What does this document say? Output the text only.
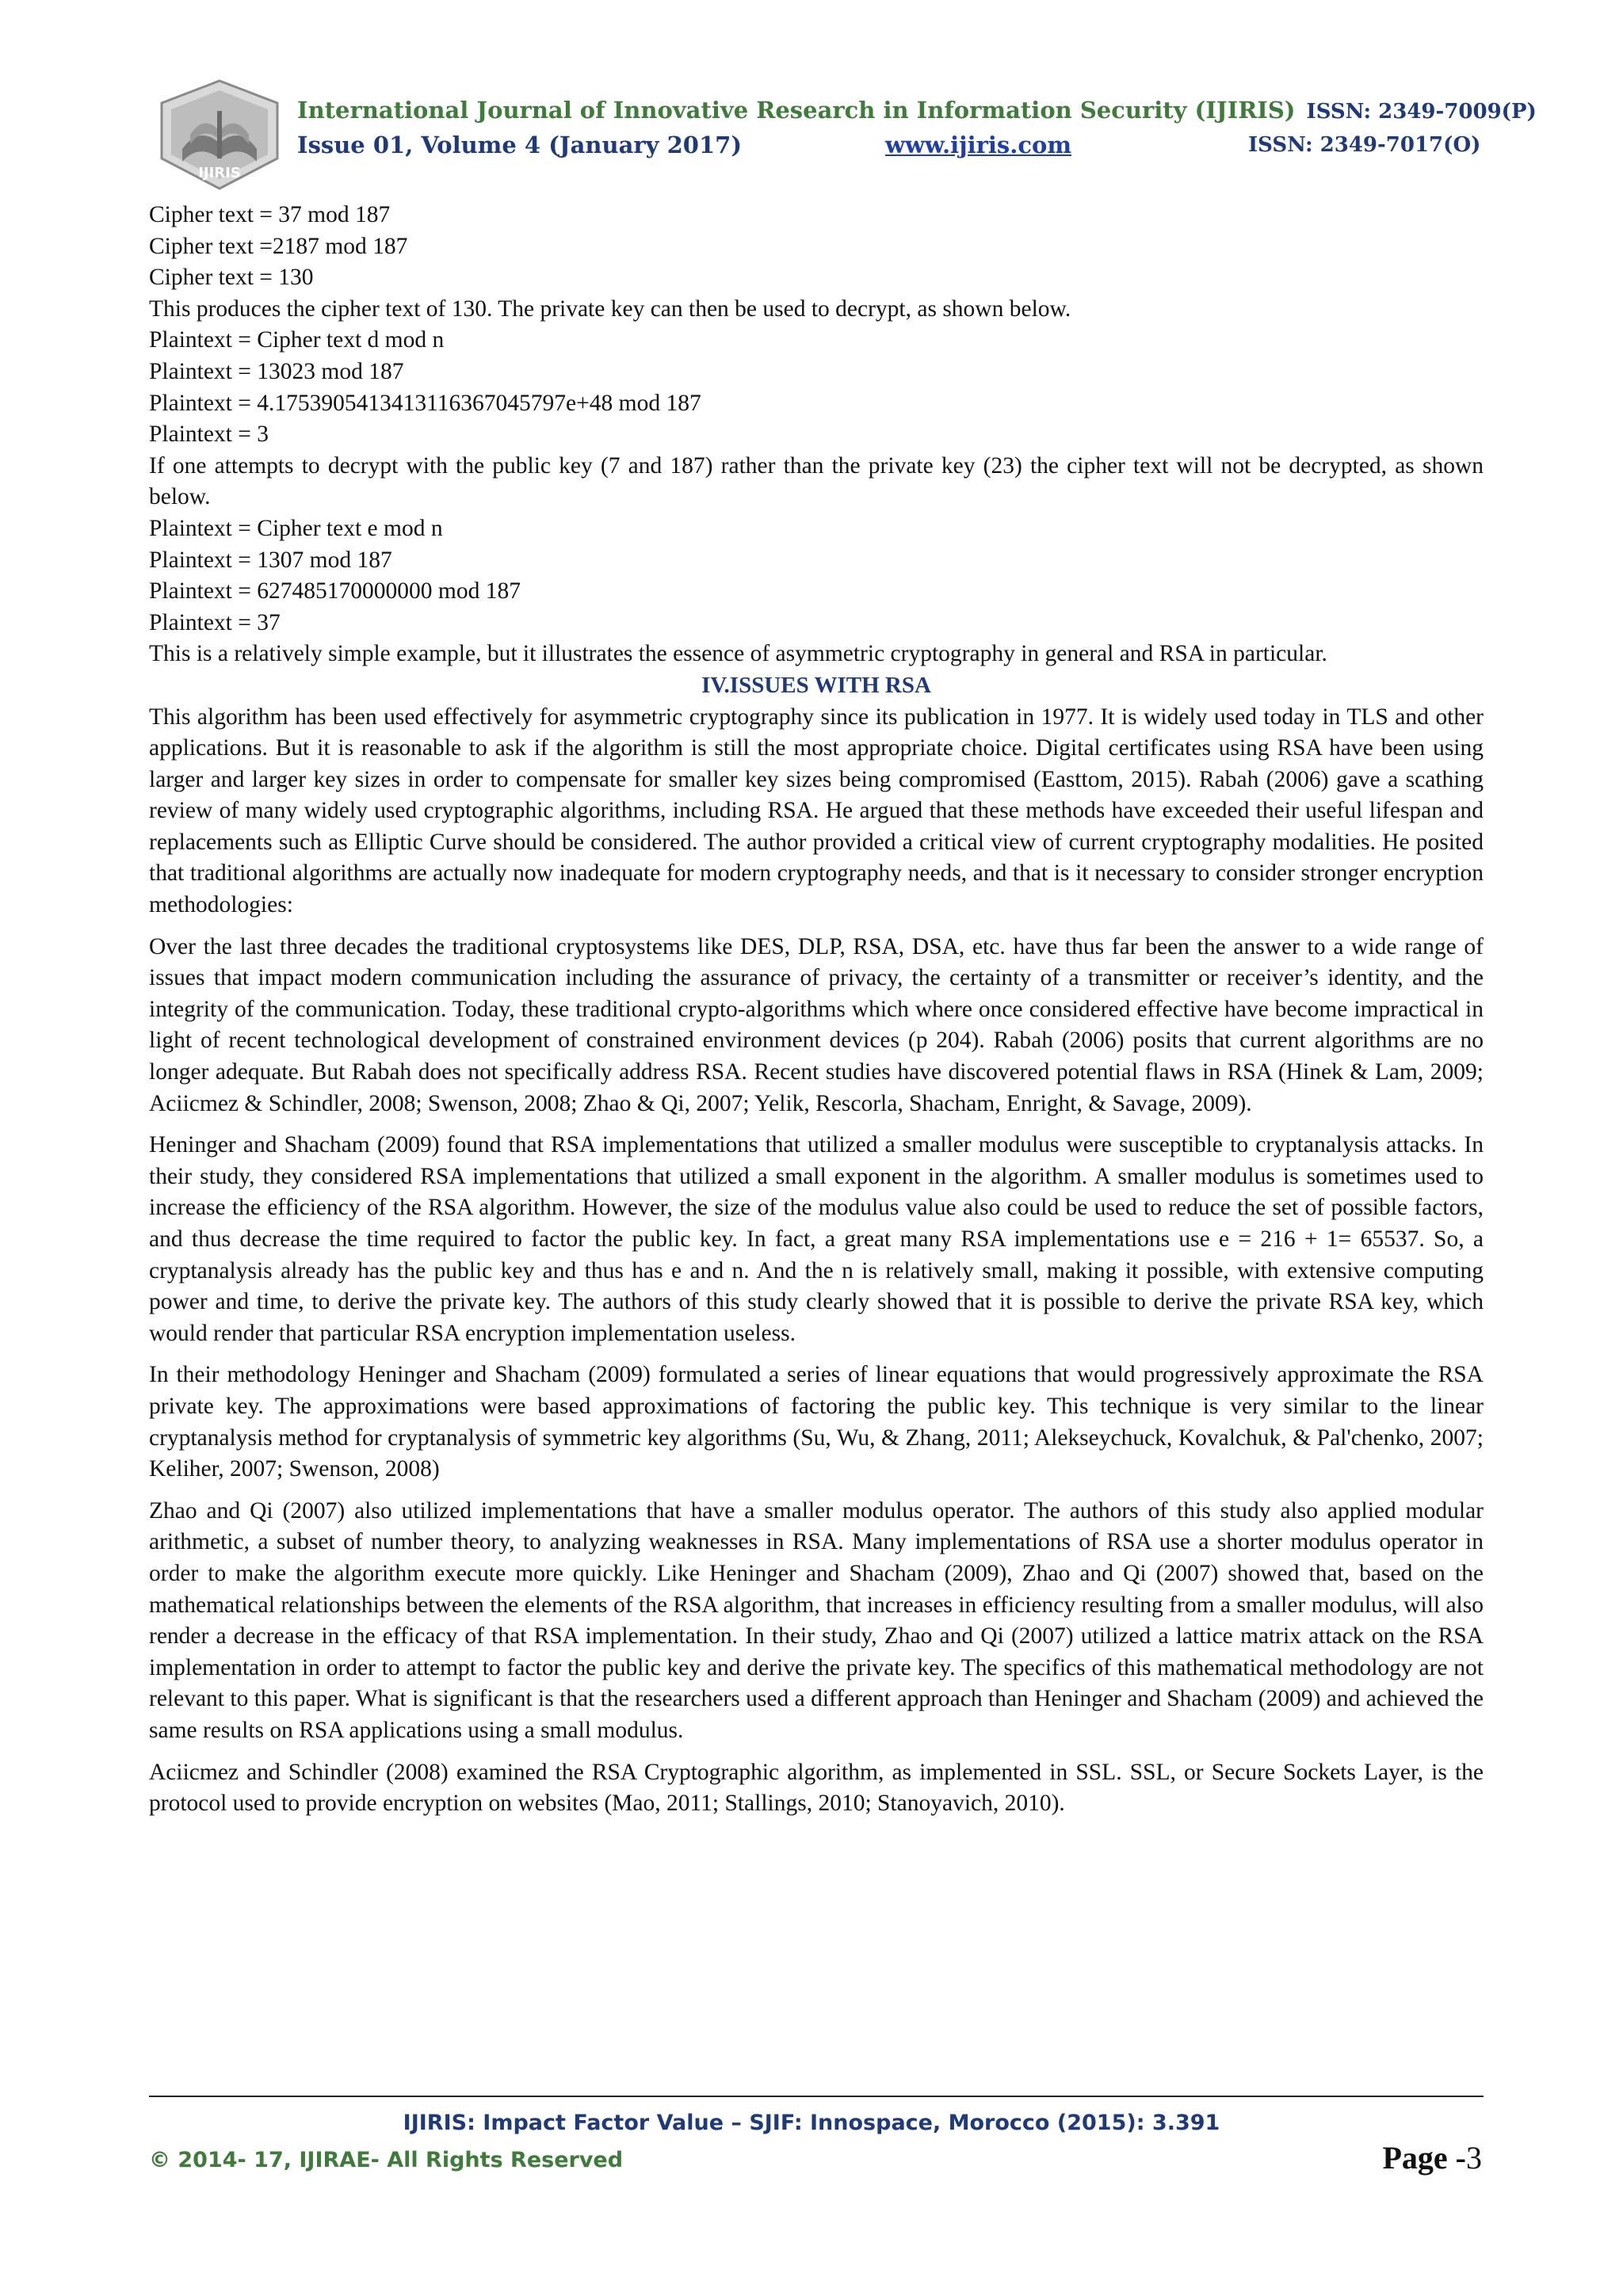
IJIRIS
International Journal of Innovative Research in Information Security (IJIRIS) ISSN: 2349-7009(P)
Issue 01, Volume 4 (January 2017)	www.ijiris.com	ISSN: 2349-7017(O)
Cipher text = 37 mod 187
Cipher text =2187 mod 187
Cipher text = 130

This produces the cipher text of 130. The private key can then be used to decrypt, as shown below.

Plaintext = Cipher text d mod n
Plaintext = 13023 mod 187
Plaintext = 4.1753905413413116367045797e+48 mod 187
Plaintext = 3

If one attempts to decrypt with the public key (7 and 187) rather than the private key (23) the cipher text will not be decrypted, as shown below.

Plaintext = Cipher text e mod n
Plaintext = 1307 mod 187
Plaintext = 627485170000000 mod 187
Plaintext = 37

This is a relatively simple example, but it illustrates the essence of asymmetric cryptography in general and RSA in particular.

IV.ISSUES WITH RSA

This algorithm has been used effectively for asymmetric cryptography since its publication in 1977. It is widely used today in TLS and other applications. But it is reasonable to ask if the algorithm is still the most appropriate choice. Digital certificates using RSA have been using larger and larger key sizes in order to compensate for smaller key sizes being compromised (Easttom, 2015). Rabah (2006) gave a scathing review of many widely used cryptographic algorithms, including RSA. He argued that these methods have exceeded their useful lifespan and replacements such as Elliptic Curve should be considered. The author provided a critical view of current cryptography modalities. He posited that traditional algorithms are actually now inadequate for modern cryptography needs, and that is it necessary to consider stronger encryption methodologies:

Over the last three decades the traditional cryptosystems like DES, DLP, RSA, DSA, etc. have thus far been the answer to a wide range of issues that impact modern communication including the assurance of privacy, the certainty of a transmitter or receiver’s identity, and the integrity of the communication. Today, these traditional crypto-algorithms which where once considered effective have become impractical in light of recent technological development of constrained environment devices (p 204). Rabah (2006) posits that current algorithms are no longer adequate. But Rabah does not specifically address RSA. Recent studies have discovered potential flaws in RSA (Hinek & Lam, 2009; Aciicmez & Schindler, 2008; Swenson, 2008; Zhao & Qi, 2007; Yelik, Rescorla, Shacham, Enright, & Savage, 2009).

Heninger and Shacham (2009) found that RSA implementations that utilized a smaller modulus were susceptible to cryptanalysis attacks. In their study, they considered RSA implementations that utilized a small exponent in the algorithm. A smaller modulus is sometimes used to increase the efficiency of the RSA algorithm. However, the size of the modulus value also could be used to reduce the set of possible factors, and thus decrease the time required to factor the public key. In fact, a great many RSA implementations use e = 216 + 1= 65537. So, a cryptanalysis already has the public key and thus has e and n. And the n is relatively small, making it possible, with extensive computing power and time, to derive the private key. The authors of this study clearly showed that it is possible to derive the private RSA key, which would render that particular RSA encryption implementation useless.

In their methodology Heninger and Shacham (2009) formulated a series of linear equations that would progressively approximate the RSA private key. The approximations were based approximations of factoring the public key. This technique is very similar to the linear cryptanalysis method for cryptanalysis of symmetric key algorithms (Su, Wu, & Zhang, 2011; Alekseychuck, Kovalchuk, & Pal'chenko, 2007; Keliher, 2007; Swenson, 2008)

Zhao and Qi (2007) also utilized implementations that have a smaller modulus operator. The authors of this study also applied modular arithmetic, a subset of number theory, to analyzing weaknesses in RSA. Many implementations of RSA use a shorter modulus operator in order to make the algorithm execute more quickly. Like Heninger and Shacham (2009), Zhao and Qi (2007) showed that, based on the mathematical relationships between the elements of the RSA algorithm, that increases in efficiency resulting from a smaller modulus, will also render a decrease in the efficacy of that RSA implementation. In their study, Zhao and Qi (2007) utilized a lattice matrix attack on the RSA implementation in order to attempt to factor the public key and derive the private key. The specifics of this mathematical methodology are not relevant to this paper. What is significant is that the researchers used a different approach than Heninger and Shacham (2009) and achieved the same results on RSA applications using a small modulus.

Aciicmez and Schindler (2008) examined the RSA Cryptographic algorithm, as implemented in SSL. SSL, or Secure Sockets Layer, is the protocol used to provide encryption on websites (Mao, 2011; Stallings, 2010; Stanoyavich, 2010).

IJIRIS: Impact Factor Value – SJIF: Innospace, Morocco (2015): 3.391
© 2014- 17, IJIRAE- All Rights Reserved	Page -3
